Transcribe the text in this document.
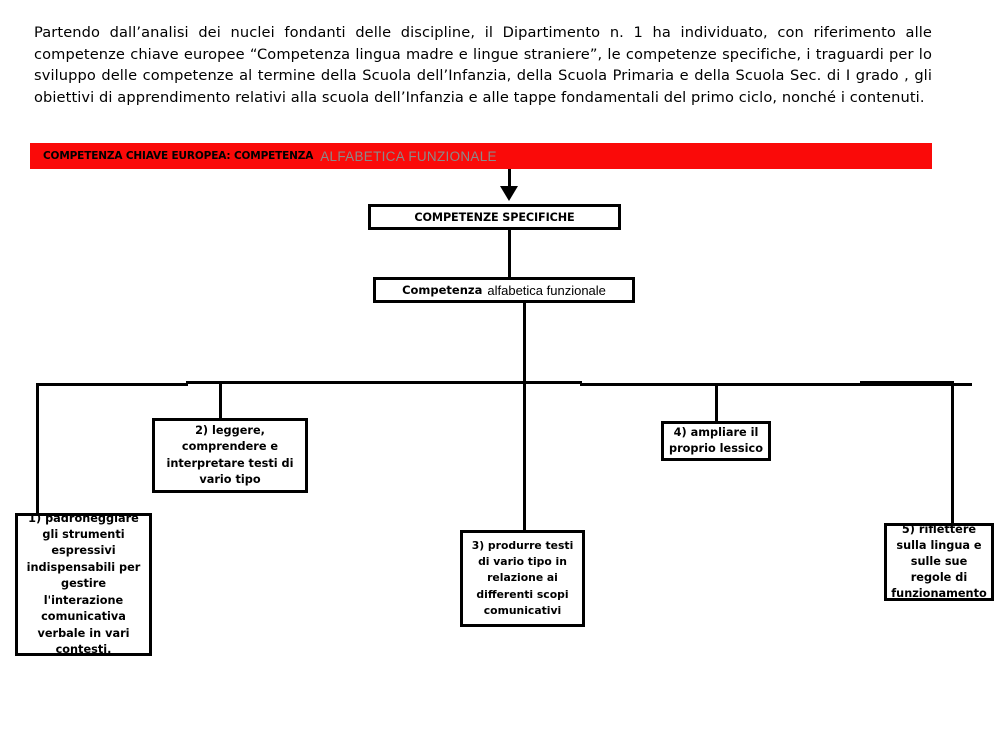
Partendo dall’analisi dei nuclei fondanti delle discipline, il Dipartimento n. 1 ha individuato, con riferimento alle competenze chiave europee “Competenza lingua madre e lingue straniere”, le competenze specifiche, i traguardi per lo sviluppo delle competenze al termine della Scuola dell’Infanzia, della Scuola Primaria e della Scuola Sec. di I grado , gli obiettivi di apprendimento relativi alla scuola dell’Infanzia e alle tappe fondamentali del primo ciclo, nonché i contenuti.
COMPETENZA CHIAVE EUROPEA: COMPETENZA ALFABETICA FUNZIONALE
COMPETENZE SPECIFICHE
Competenza alfabetica funzionale
1) padroneggiare gli strumenti espressivi indispensabili per gestire l'interazione comunicativa verbale in vari contesti.
2) leggere, comprendere e interpretare testi di vario tipo
3) produrre testi di vario tipo in relazione ai differenti scopi comunicativi
4) ampliare il proprio lessico
5) riflettere sulla lingua e sulle sue regole di funzionamento
